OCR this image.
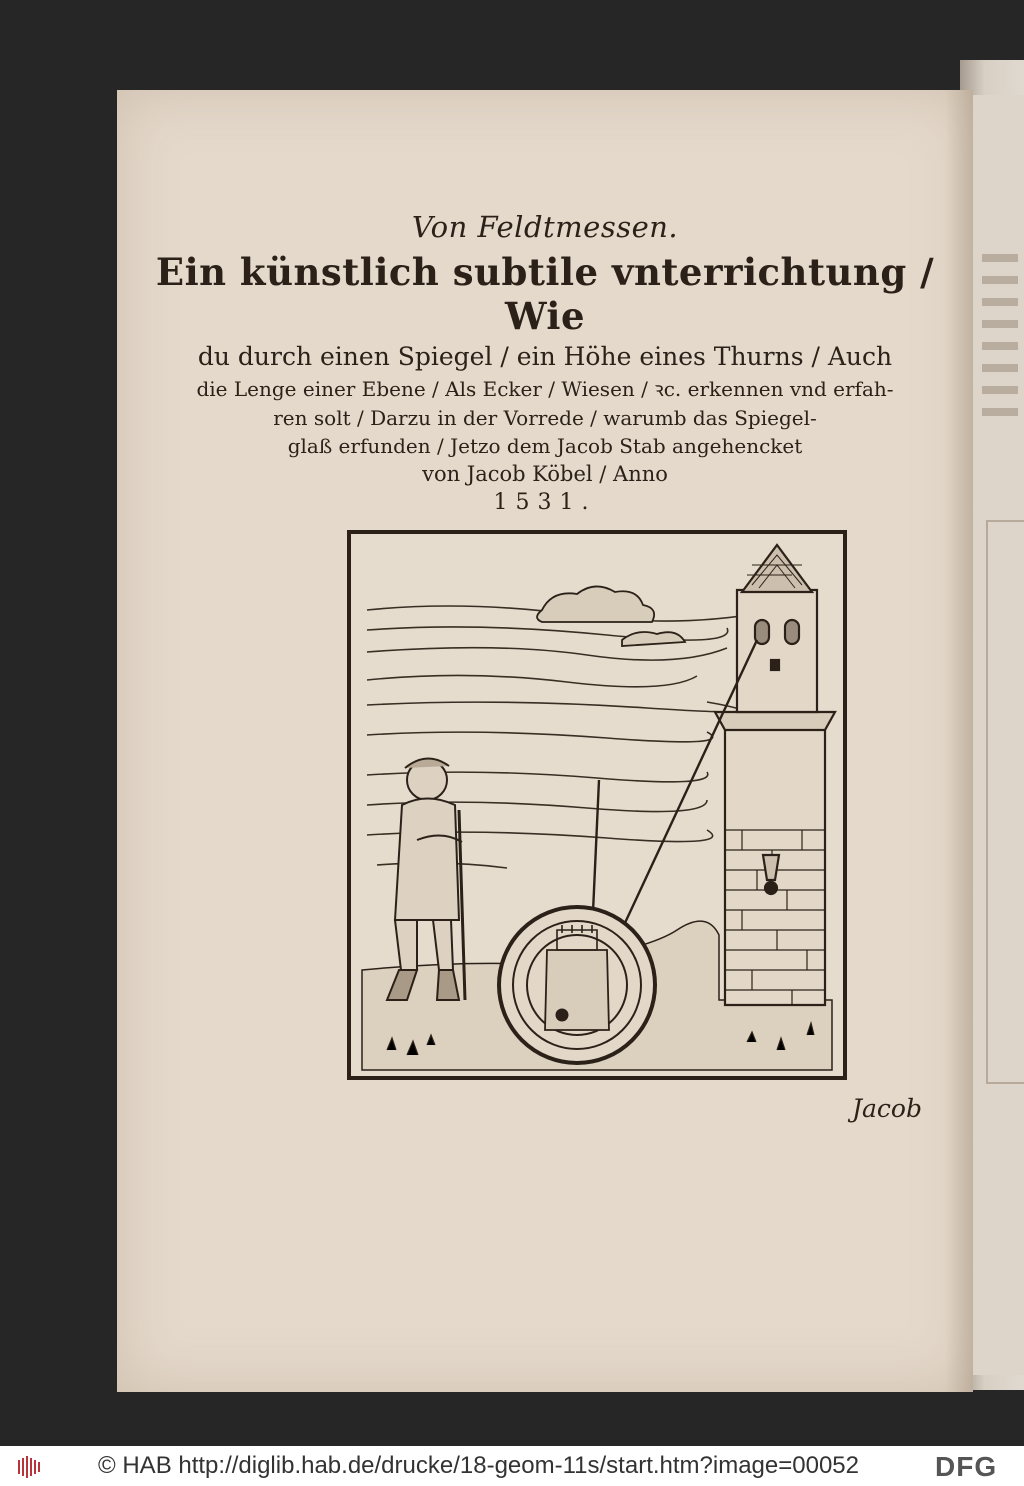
Von Feldtmessen.
Ein künstlich subtile vnterrichtung / Wie
du durch einen Spiegel / ein Höhe eines Thurns / Auch
die Lenge einer Ebene / Als Ecker / Wiesen / ꝛc. erkennen vnd erfah-
ren solt / Darzu in der Vorrede / warumb das Spiegel-
glaß erfunden / Jetzo dem Jacob Stab angehencket
von Jacob Köbel / Anno
1531.
Jacob
© HAB http://diglib.hab.de/drucke/18-geom-11s/start.htm?image=00052	DFG
